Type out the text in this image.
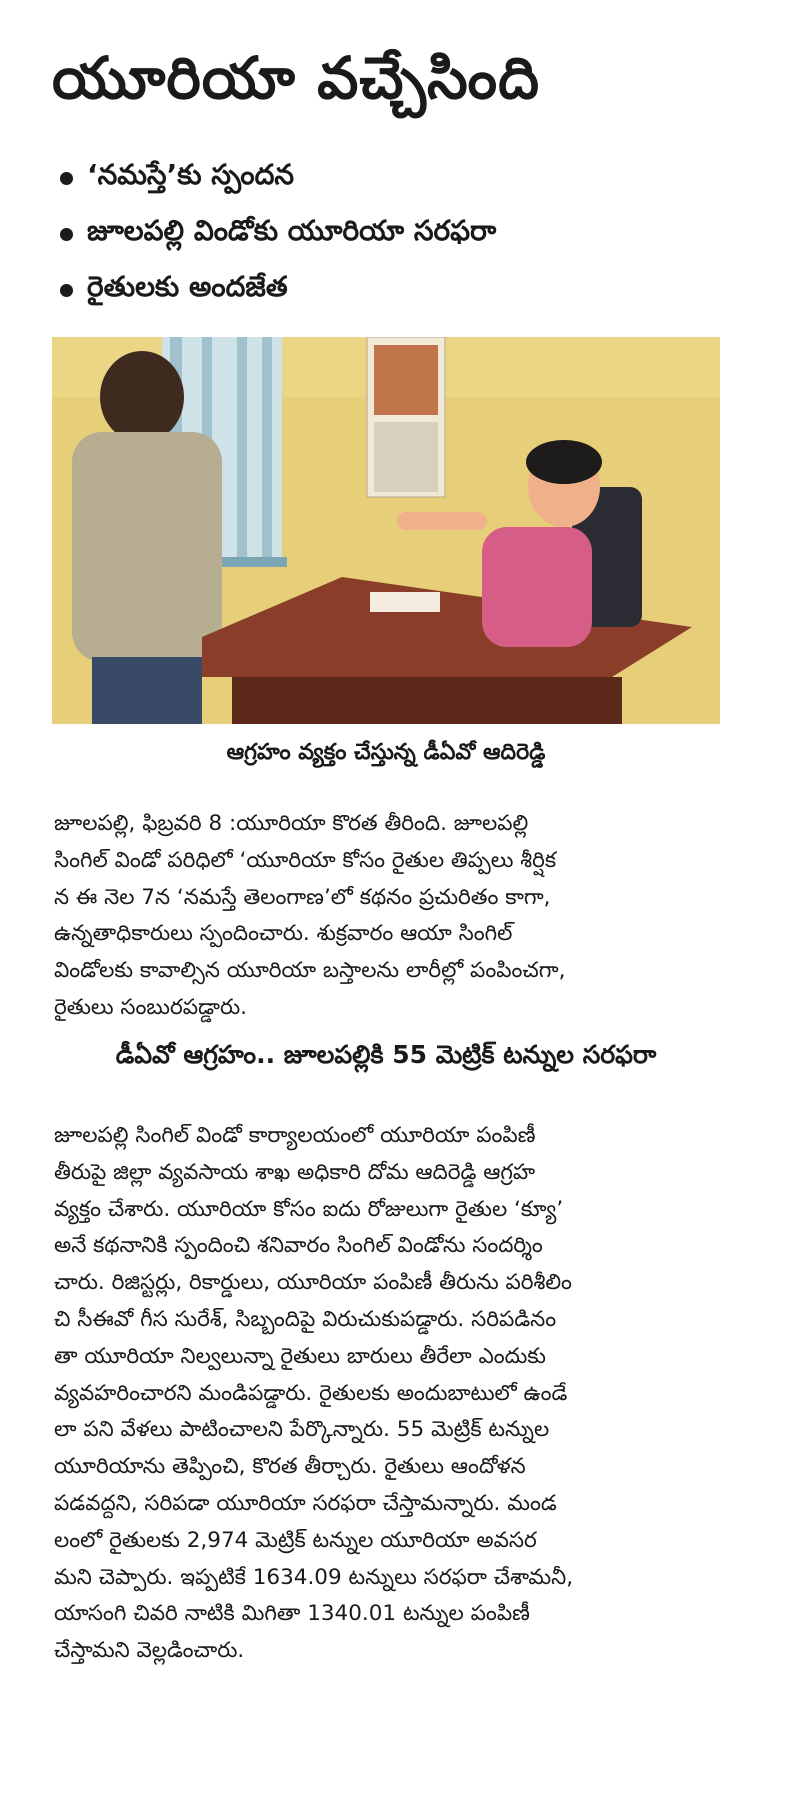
యూరియా వచ్చేసింది
‘నమస్తే’కు స్పందన
జూలపల్లి విండోకు యూరియా సరఫరా
రైతులకు అందజేత
ఆగ్రహం వ్యక్తం చేస్తున్న డీఏవో ఆదిరెడ్డి
జూలపల్లి, ఫిబ్రవరి 8 :యూరియా కొరత తీరింది. జూలపల్లి
సింగిల్ విండో పరిధిలో ‘యూరియా కోసం రైతుల తిప్పలు శీర్షిక
న ఈ నెల 7న ‘నమస్తే తెలంగాణ’లో కథనం ప్రచురితం కాగా,
ఉన్నతాధికారులు స్పందించారు. శుక్రవారం ఆయా సింగిల్
విండోలకు కావాల్సిన యూరియా బస్తాలను లారీల్లో పంపించగా,
రైతులు సంబురపడ్డారు.
డీఏవో ఆగ్రహం.. జూలపల్లికి 55 మెట్రిక్ టన్నుల సరఫరా
జూలపల్లి సింగిల్ విండో కార్యాలయంలో యూరియా పంపిణీ
తీరుపై జిల్లా వ్యవసాయ శాఖ అధికారి దోమ ఆదిరెడ్డి ఆగ్రహ
వ్యక్తం చేశారు. యూరియా కోసం ఐదు రోజులుగా రైతుల ‘క్యూ’
అనే కథనానికి స్పందించి శనివారం సింగిల్ విండోను సందర్శిం
చారు. రిజిస్టర్లు, రికార్డులు, యూరియా పంపిణీ తీరును పరిశీలిం
చి సీఈవో గీస సురేశ్, సిబ్బందిపై విరుచుకుపడ్డారు. సరిపడినం
తా యూరియా నిల్వలున్నా రైతులు బారులు తీరేలా ఎందుకు
వ్యవహరించారని మండిపడ్డారు. రైతులకు అందుబాటులో ఉండే
లా పని వేళలు పాటించాలని పేర్కొన్నారు. 55 మెట్రిక్ టన్నుల
యూరియాను తెప్పించి, కొరత తీర్చారు. రైతులు ఆందోళన
పడవద్దని, సరిపడా యూరియా సరఫరా చేస్తామన్నారు. మండ
లంలో రైతులకు 2,974 మెట్రిక్ టన్నుల యూరియా అవసర
మని చెప్పారు. ఇప్పటికే 1634.09 టన్నులు సరఫరా చేశామనీ,
యాసంగి చివరి నాటికి మిగితా 1340.01 టన్నుల పంపిణీ
చేస్తామని వెల్లడించారు.
